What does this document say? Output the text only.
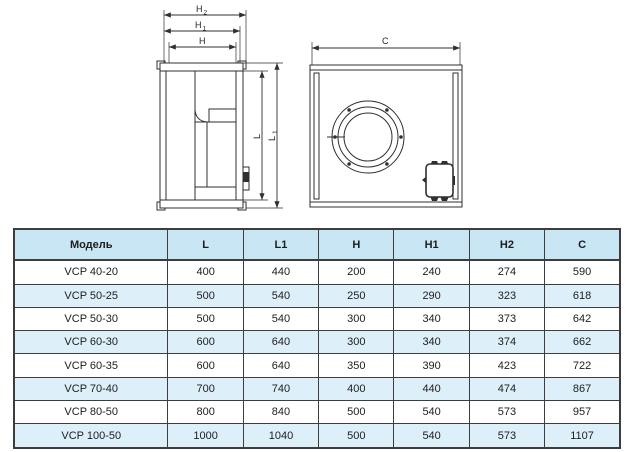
H 2
H 1
H
L L
1
C
Модель	L	L1	H	H1	H2	C
VCP 40-20	400	440	200	240	274	590
VCP 50-25	500	540	250	290	323	618
VCP 50-30	500	540	300	340	373	642
VCP 60-30	600	640	300	340	374	662
VCP 60-35	600	640	350	390	423	722
VCP 70-40	700	740	400	440	474	867
VCP 80-50	800	840	500	540	573	957
VCP 100-50	1000	1040	500	540	573	1107
